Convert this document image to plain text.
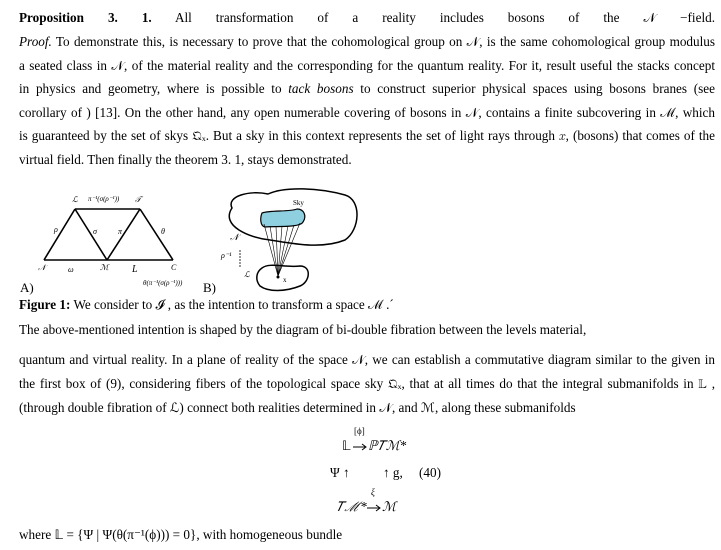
Proposition 3. 1. All transformation of a reality includes bosons of the 𝒩 −field.
Proof. To demonstrate this, is necessary to prove that the cohomological group on 𝒩, is the same cohomological group modulus
a seated class in 𝒩, of the material reality and the corresponding for the quantum reality. For it, result useful the stacks concept
in physics and geometry, where is possible to tack bosons to construct superior physical spaces using bosons branes (see
corollary of ) [13]. On the other hand, any open numerable covering of bosons in 𝒩, contains a finite subcovering in ℳ, which
is guaranteed by the set of skys 𝔔ₓ. But a sky in this context represents the set of light rays through 𝑥, (bosons) that comes of the
virtual field. Then finally the theorem 3. 1, stays demonstrated.
ℒ π⁻¹(σ(ρ⁻¹)) 𝒯
ρ	σ	π	θ
𝒩	ω	ℳ L	C
θ(π⁻¹(σ(ρ⁻¹)))
A)	B)
Sky
𝒩
ρ⁻¹
ℒ
x
Figure 1: We consider to 𝓘 , as the intention to transform a space ℳ .´
The above-mentioned intention is shaped by the diagram of bi-double fibration between the levels material,
quantum and virtual reality. In a plane of reality of the space 𝒩, we can establish a commutative diagram similar to the given in
the first box of (9), considering fibers of the topological space sky 𝔔ₓ, that at all times do that the integral submanifolds in 𝕃 ,
(through double fibration of ℒ) connect both realities determined in 𝒩, and ℳ, along these submanifolds
𝕃
[ϕ]
ℙ𝑇ℳ*
Ψ ↑	↑ g, (40)
𝑇ℳ*
ξ
ℳ
where 𝕃 = {Ψ | Ψ(θ(π⁻¹(ϕ))) = 0}, with homogeneous bundle
